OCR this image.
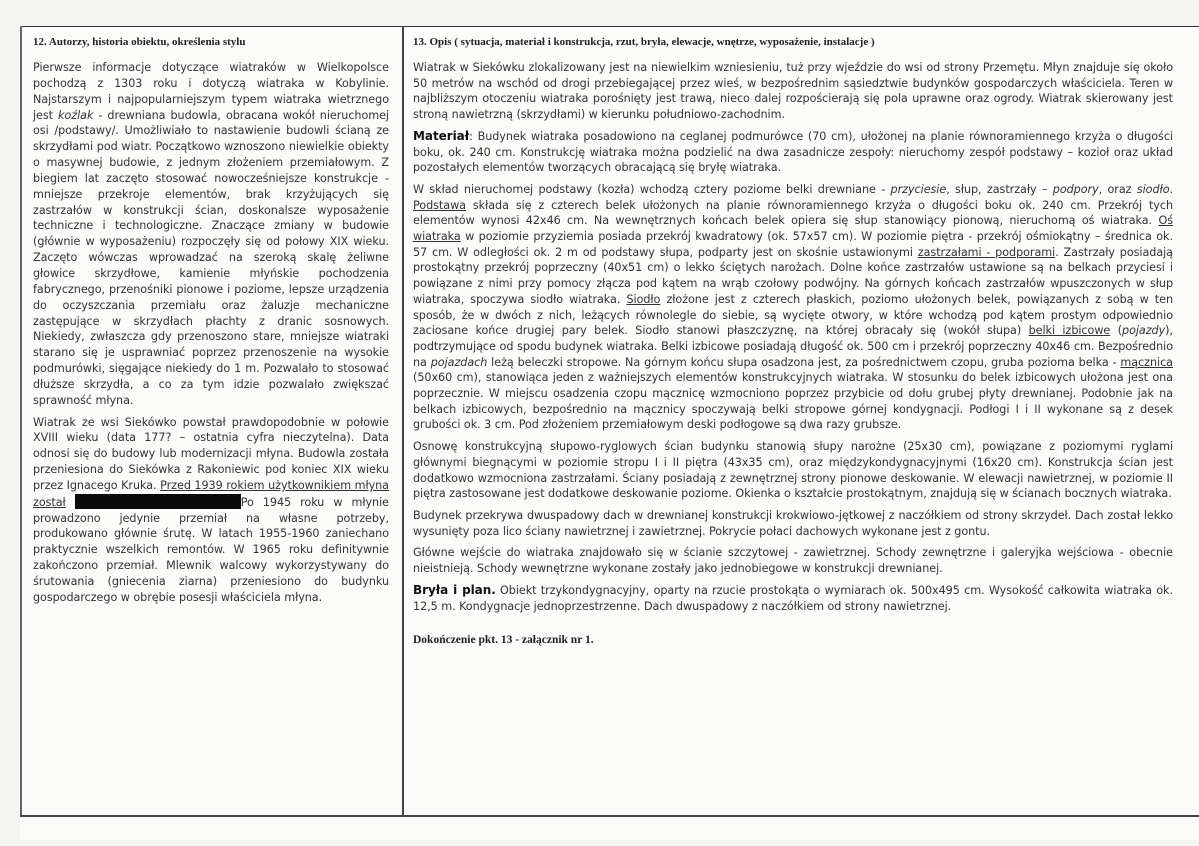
12. Autorzy, historia obiektu, określenia stylu

Pierwsze informacje dotyczące wiatraków w Wielkopolsce pochodzą z 1303 roku i dotyczą wiatraka w Kobylinie. Najstarszym i najpopularniejszym typem wiatraka wietrznego jest koźlak - drewniana budowla, obracana wokół nieruchomej osi /podstawy/. Umożliwiało to nastawienie budowli ścianą ze skrzydłami pod wiatr. Początkowo wznoszono niewielkie obiekty o masywnej budowie, z jednym złożeniem przemiałowym. Z biegiem lat zaczęto stosować nowocześniejsze konstrukcje - mniejsze przekroje elementów, brak krzyżujących się zastrzałów w konstrukcji ścian, doskonalsze wyposażenie techniczne i technologiczne. Znaczące zmiany w budowie (głównie w wyposażeniu) rozpoczęły się od połowy XIX wieku. Zaczęto wówczas wprowadzać na szeroką skalę żeliwne głowice skrzydłowe, kamienie młyńskie pochodzenia fabrycznego, przenośniki pionowe i poziome, lepsze urządzenia do oczyszczania przemiału oraz żaluzje mechaniczne zastępujące w skrzydłach płachty z dranic sosnowych. Niekiedy, zwłaszcza gdy przenoszono stare, mniejsze wiatraki starano się je usprawniać poprzez przenoszenie na wysokie podmurówki, sięgające niekiedy do 1 m. Pozwalało to stosować dłuższe skrzydła, a co za tym idzie pozwalało zwiększać sprawność młyna.

Wiatrak ze wsi Siekówko powstał prawdopodobnie w połowie XVIII wieku (data 177? – ostatnia cyfra nieczytelna). Data odnosi się do budowy lub modernizacji młyna. Budowla została przeniesiona do Siekówka z Rakoniewic pod koniec XIX wieku przez Ignacego Kruka. Przed 1939 rokiem użytkownikiem młyna został	Po 1945 roku w młynie prowadzono jedynie przemiał na własne potrzeby, produkowano głównie śrutę. W latach 1955-1960 zaniechano praktycznie wszelkich remontów. W 1965 roku definitywnie zakończono przemiał. Mlewnik walcowy wykorzystywany do śrutowania (gniecenia ziarna) przeniesiono do budynku gospodarczego w obrębie posesji właściciela młyna.

13. Opis ( sytuacja, materiał i konstrukcja, rzut, bryła, elewacje, wnętrze, wyposażenie, instalacje )

Wiatrak w Siekówku zlokalizowany jest na niewielkim wzniesieniu, tuż przy wjeździe do wsi od strony Przemętu. Młyn znajduje się około 50 metrów na wschód od drogi przebiegającej przez wieś, w bezpośrednim sąsiedztwie budynków gospodarczych właściciela. Teren w najbliższym otoczeniu wiatraka porośnięty jest trawą, nieco dalej rozpościerają się pola uprawne oraz ogrody. Wiatrak skierowany jest stroną nawietrzną (skrzydłami) w kierunku południowo-zachodnim.

Materiał: Budynek wiatraka posadowiono na ceglanej podmurówce (70 cm), ułożonej na planie równoramiennego krzyża o długości boku, ok. 240 cm. Konstrukcję wiatraka można podzielić na dwa zasadnicze zespoły: nieruchomy zespół podstawy – kozioł oraz układ pozostałych elementów tworzących obracającą się bryłę wiatraka.

W skład nieruchomej podstawy (kozła) wchodzą cztery poziome belki drewniane - przyciesie, słup, zastrzały – podpory, oraz siodło. Podstawa składa się z czterech belek ułożonych na planie równoramiennego krzyża o długości boku ok. 240 cm. Przekrój tych elementów wynosi 42x46 cm. Na wewnętrznych końcach belek opiera się słup stanowiący pionową, nieruchomą oś wiatraka. Oś wiatraka w poziomie przyziemia posiada przekrój kwadratowy (ok. 57x57 cm). W poziomie piętra - przekrój ośmiokątny – średnica ok. 57 cm. W odległości ok. 2 m od podstawy słupa, podparty jest on skośnie ustawionymi zastrzałami - podporami. Zastrzały posiadają prostokątny przekrój poprzeczny (40x51 cm) o lekko ściętych narożach. Dolne końce zastrzałów ustawione są na belkach przyciesi i powiązane z nimi przy pomocy złącza pod kątem na wrąb czołowy podwójny. Na górnych końcach zastrzałów wpuszczonych w słup wiatraka, spoczywa siodło wiatraka. Siodło złożone jest z czterech płaskich, poziomo ułożonych belek, powiązanych z sobą w ten sposób, że w dwóch z nich, leżących równolegle do siebie, są wycięte otwory, w które wchodzą pod kątem prostym odpowiednio zaciosane końce drugiej pary belek. Siodło stanowi płaszczyznę, na której obracały się (wokół słupa) belki izbicowe (pojazdy), podtrzymujące od spodu budynek wiatraka. Belki izbicowe posiadają długość ok. 500 cm i przekrój poprzeczny 40x46 cm. Bezpośrednio na pojazdach leżą beleczki stropowe. Na górnym końcu słupa osadzona jest, za pośrednictwem czopu, gruba pozioma belka - mącznica (50x60 cm), stanowiąca jeden z ważniejszych elementów konstrukcyjnych wiatraka. W stosunku do belek izbicowych ułożona jest ona poprzecznie. W miejscu osadzenia czopu mącznicę wzmocniono poprzez przybicie od dołu grubej płyty drewnianej. Podobnie jak na belkach izbicowych, bezpośrednio na mącznicy spoczywają belki stropowe górnej kondygnacji. Podłogi I i II wykonane są z desek grubości ok. 3 cm. Pod złożeniem przemiałowym deski podłogowe są dwa razy grubsze.

Osnowę konstrukcyjną słupowo-ryglowych ścian budynku stanowią słupy narożne (25x30 cm), powiązane z poziomymi ryglami głównymi biegnącymi w poziomie stropu I i II piętra (43x35 cm), oraz międzykondygnacyjnymi (16x20 cm). Konstrukcja ścian jest dodatkowo wzmocniona zastrzałami. Ściany posiadają z zewnętrznej strony pionowe deskowanie. W elewacji nawietrznej, w poziomie II piętra zastosowane jest dodatkowe deskowanie poziome. Okienka o kształcie prostokątnym, znajdują się w ścianach bocznych wiatraka.

Budynek przekrywa dwuspadowy dach w drewnianej konstrukcji krokwiowo-jętkowej z naczółkiem od strony skrzydeł. Dach został lekko wysunięty poza lico ściany nawietrznej i zawietrznej. Pokrycie połaci dachowych wykonane jest z gontu.

Główne wejście do wiatraka znajdowało się w ścianie szczytowej - zawietrznej. Schody zewnętrzne i galeryjka wejściowa - obecnie nieistnieją. Schody wewnętrzne wykonane zostały jako jednobiegowe w konstrukcji drewnianej.

Bryła i plan. Obiekt trzykondygnacyjny, oparty na rzucie prostokąta o wymiarach ok. 500x495 cm. Wysokość całkowita wiatraka ok. 12,5 m. Kondygnacje jednoprzestrzenne. Dach dwuspadowy z naczółkiem od strony nawietrznej.

Dokończenie pkt. 13 - załącznik nr 1.
